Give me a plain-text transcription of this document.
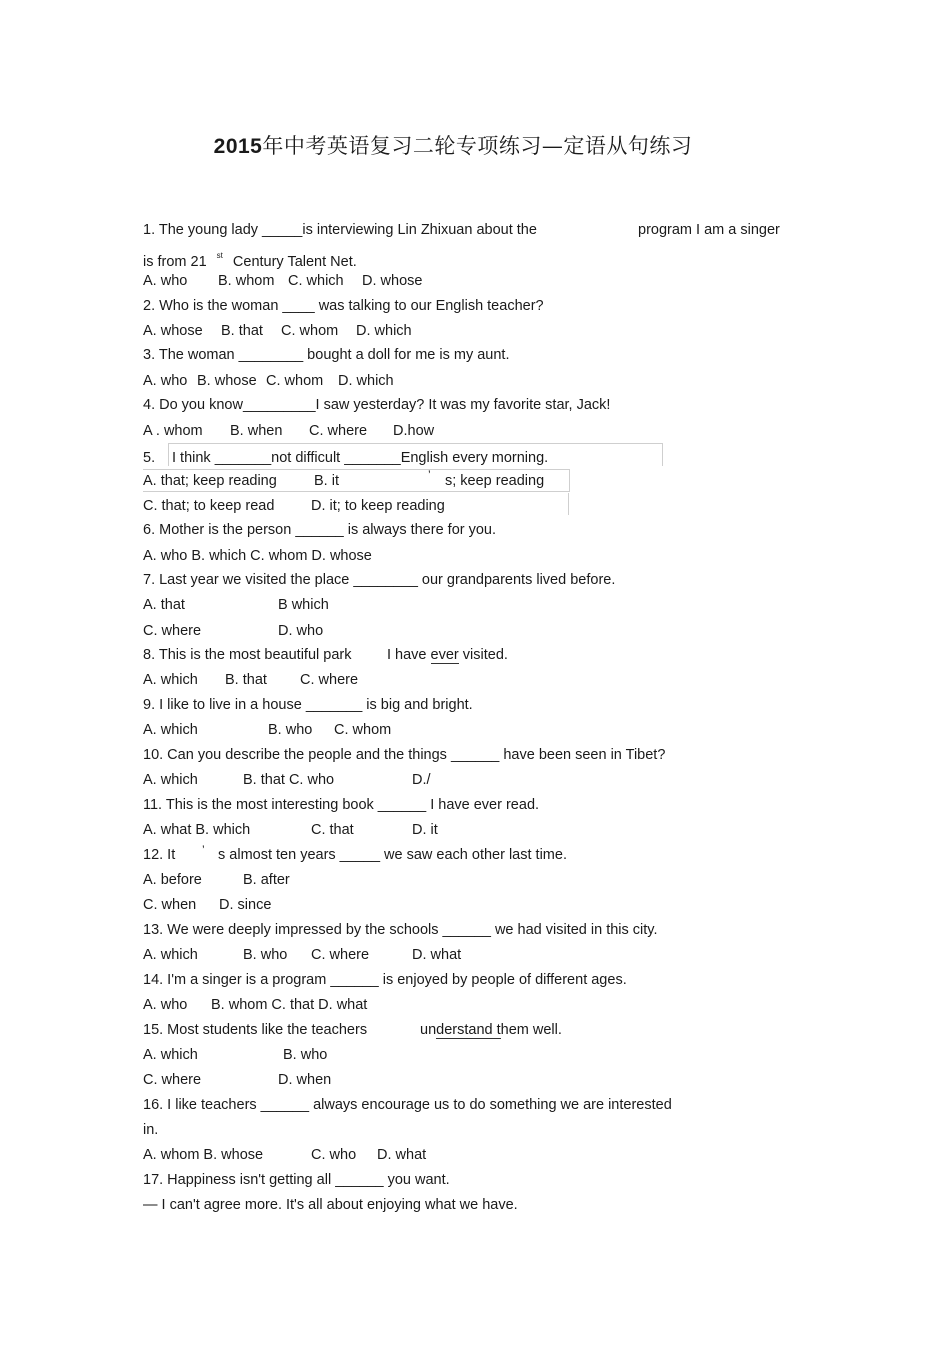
2015年中考英语复习二轮专项练习—定语从句练习
1. The young lady _____is interviewing Lin Zhixuan about the	program I am a singer
is from 21 $^{st}$ Century Talent Net.
A. who B. whom C. which D. whose
2. Who is the woman ____ was talking to our English teacher?
A. whose B. that C. whom D. which
3. The woman ________ bought a doll for me is my aunt.
A. who B. whose C. whom D. which
4. Do you know_________I saw yesterday? It was my favorite star, Jack!
A . whom B. when C. where D.how
5. I think _______not difficult _______English every morning.
A. that; keep reading	B. it	’ s; keep reading
C. that; to keep read	D. it; to keep reading
6. Mother is the person ______ is always there for you.
A. who B. which C. whom D. whose
7. Last year we visited the place ________ our grandparents lived before.
A. that	B which
C. where	D. who
8. This is the most beautiful park I have ever visited.
A. which B. that C. where
9. I like to live in a house _______ is big and bright.
A. which	B. who C. whom
10. Can you describe the people and the things ______ have been seen in Tibet?
A. which	B. that C. who	D./
11. This is the most interesting book ______ I have ever read.
A. what B. which	C. that	D. it
12. It ’ s almost ten years _____ we saw each other last time.
A. before	B. after
C. when D. since
13. We were deeply impressed by the schools ______ we had visited in this city.
A. which	B. who C. where	D. what
14. I'm a singer is a program ______ is enjoyed by people of different ages.
A. who B. whom C. that D. what
15. Most students like the teachers	understand them well.
A. which	B. who
C. where	D. when
16. I like teachers ______ always encourage us to do something we are interested
in.
A. whom B. whose	C. who D. what
17. Happiness isn't getting all ______ you want.
— I can't agree more. It's all about enjoying what we have.
